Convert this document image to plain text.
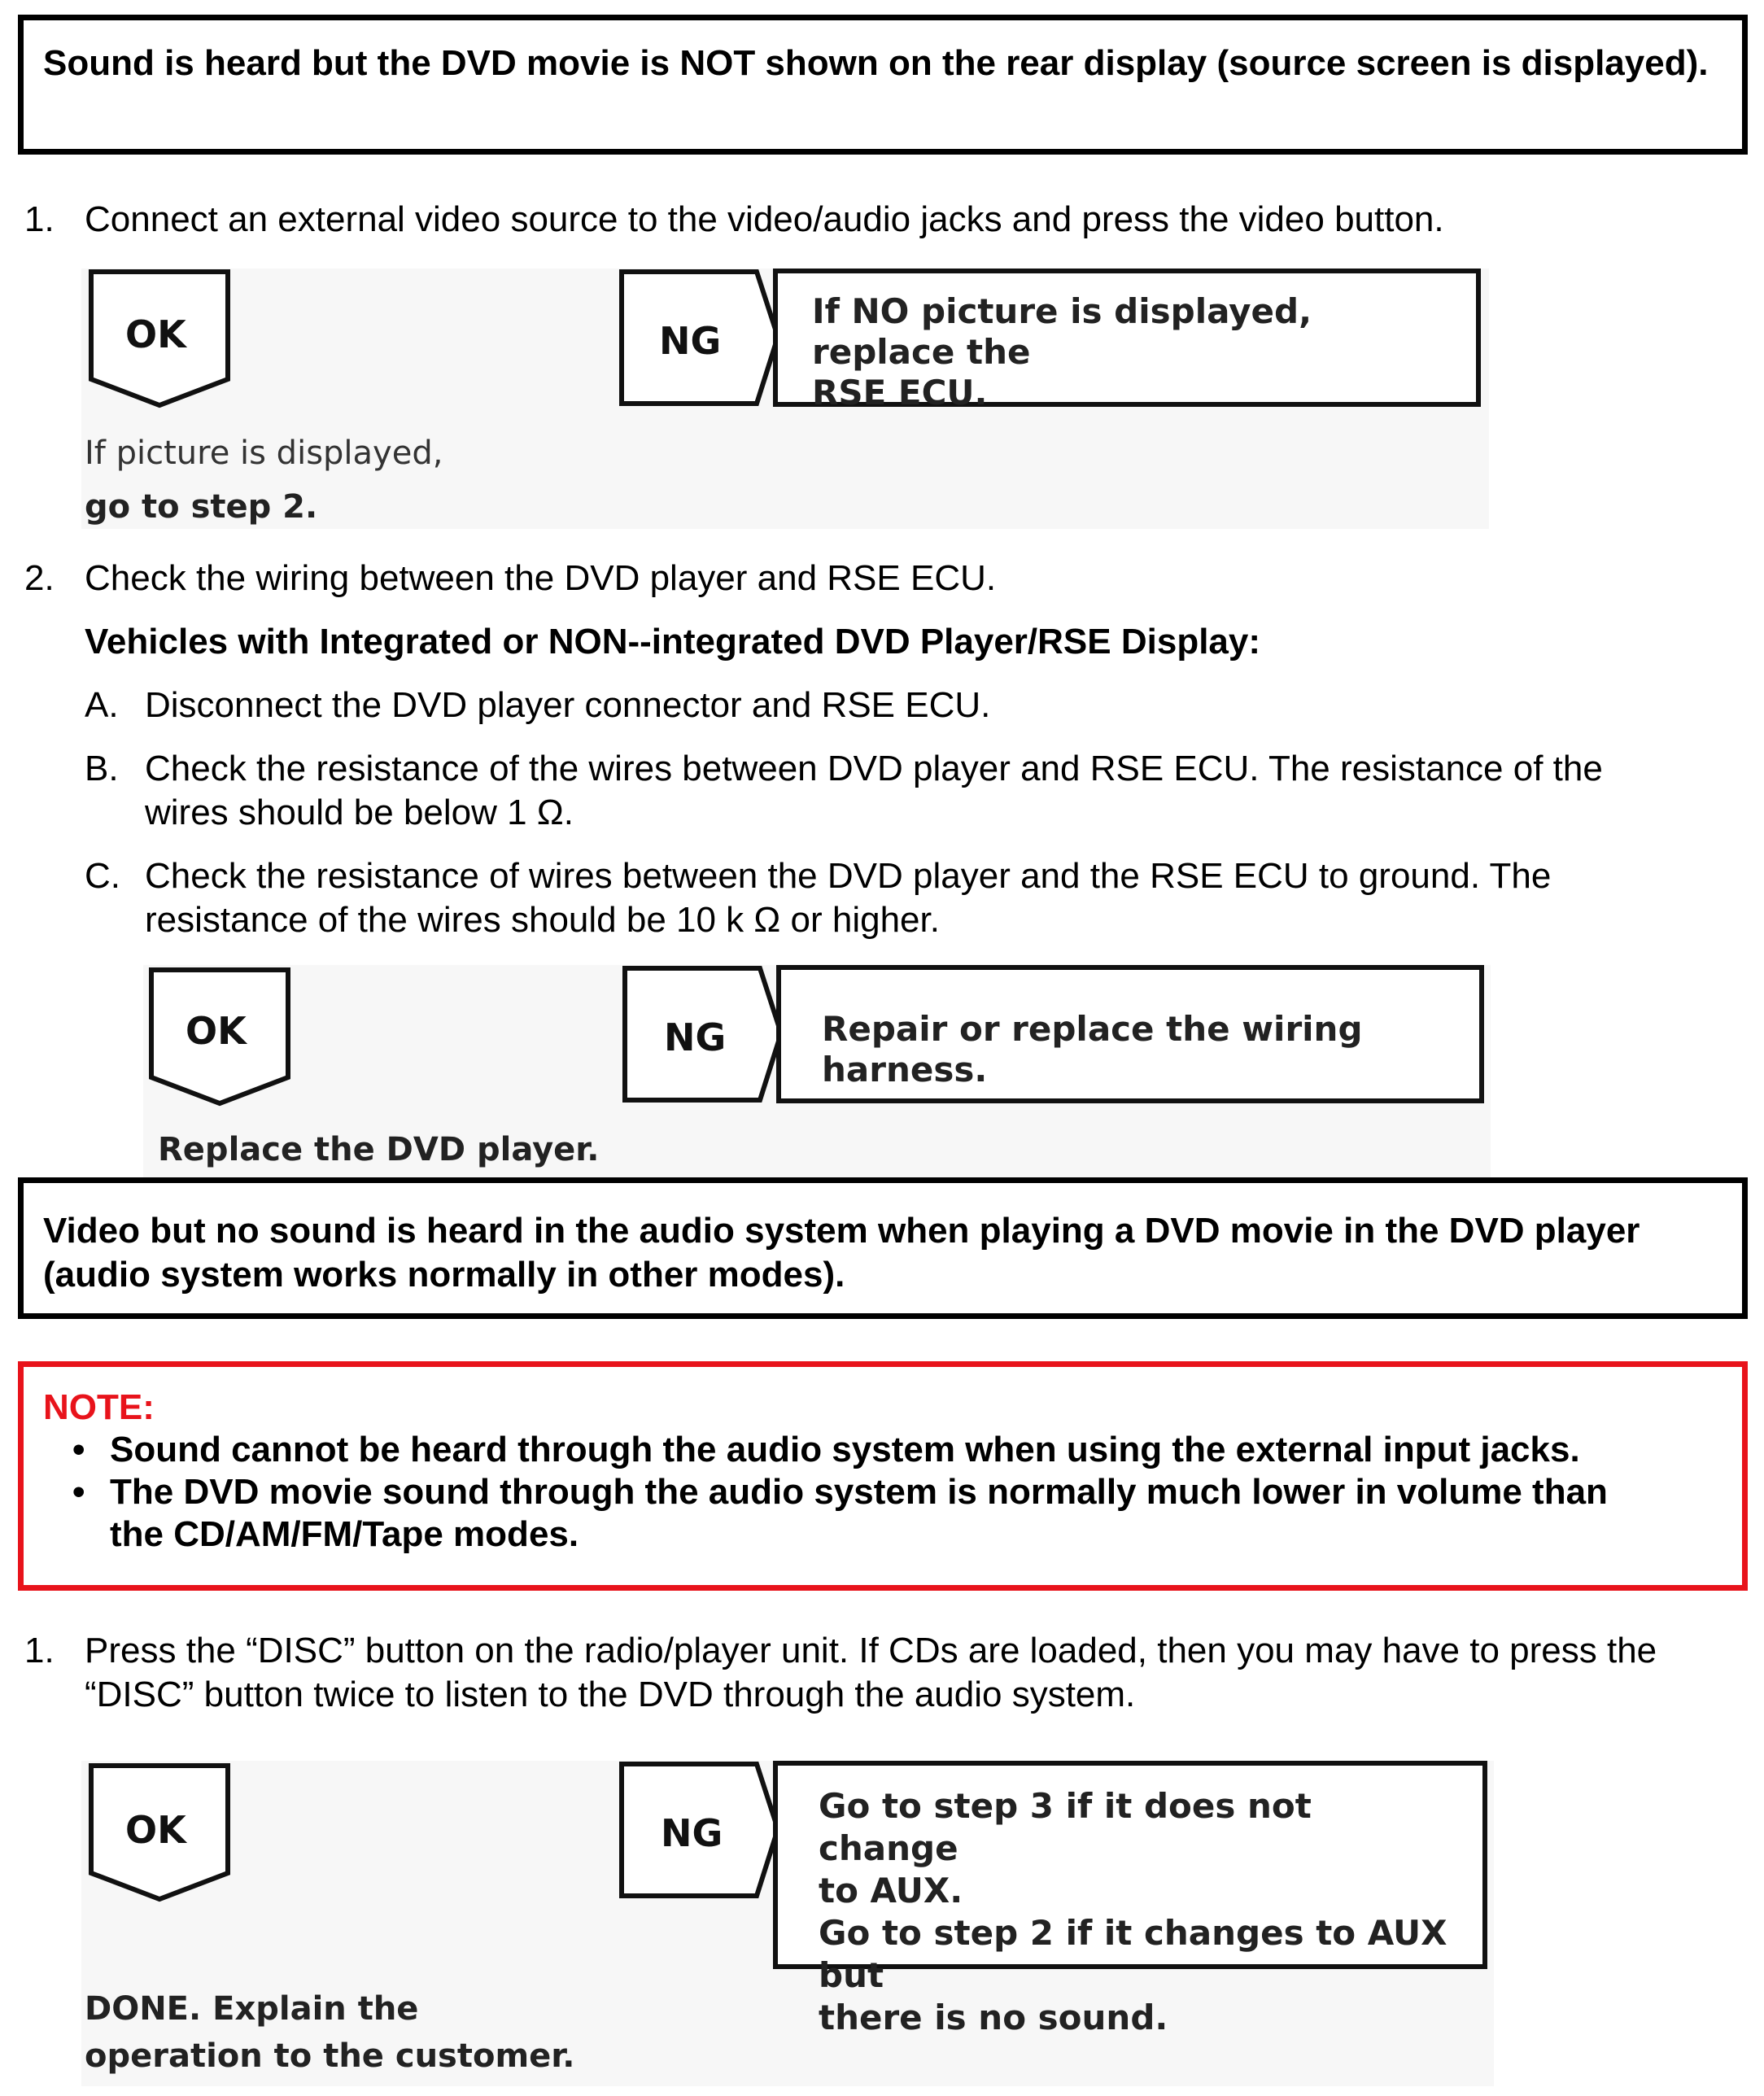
Sound is heard but the DVD movie is NOT shown on the rear display (source screen is displayed).
1. Connect an external video source to the video/audio jacks and press the video button.
OK	NG
If NO picture is displayed, replace the
RSE ECU.
If picture is displayed,
go to step 2.
2. Check the wiring between the DVD player and RSE ECU.
Vehicles with Integrated or NON--integrated DVD Player/RSE Display:
A. Disconnect the DVD player connector and RSE ECU.
B. Check the resistance of the wires between DVD player and RSE ECU. The resistance of the
wires should be below 1 Ω.
C. Check the resistance of wires between the DVD player and the RSE ECU to ground. The
resistance of the wires should be 10 k Ω or higher.
OK	NG	Repair or replace the wiring harness.
Replace the DVD player.
Video but no sound is heard in the audio system when playing a DVD movie in the DVD player (audio system works normally in other modes).
NOTE:
• Sound cannot be heard through the audio system when using the external input jacks.
• The DVD movie sound through the audio system is normally much lower in volume than
the CD/AM/FM/Tape modes.
1. Press the “DISC” button on the radio/player unit. If CDs are loaded, then you may have to press the
“DISC” button twice to listen to the DVD through the audio system.
OK	NG
Go to step 3 if it does not change
to AUX.
Go to step 2 if it changes to AUX but
there is no sound.
DONE. Explain the
operation to the customer.
